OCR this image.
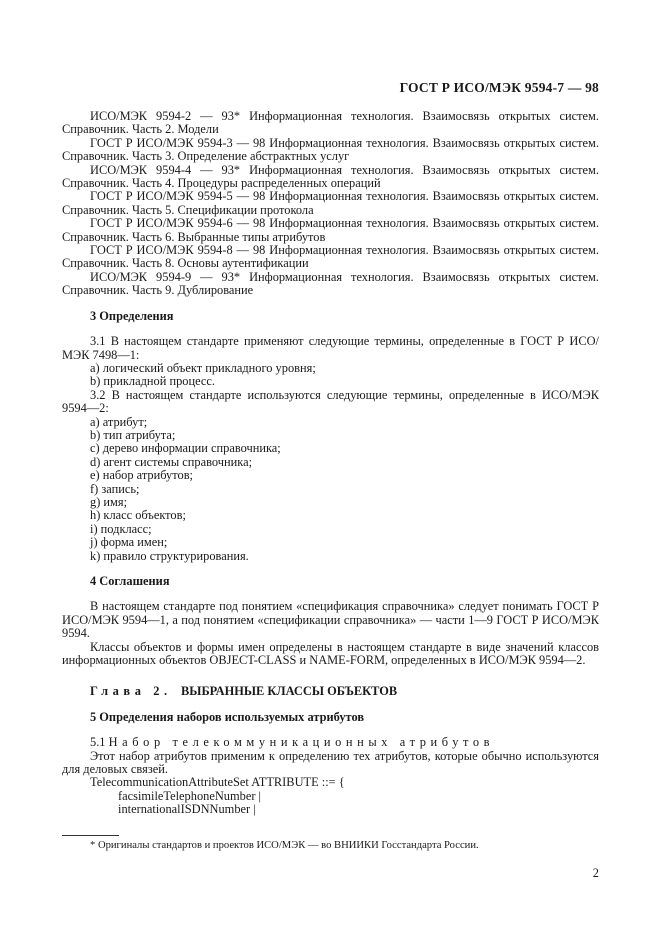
ГОСТ Р ИСО/МЭК 9594-7 — 98

ИСО/МЭК 9594-2 — 93* Информационная технология. Взаимосвязь открытых систем. Справочник. Часть 2. Модели

ГОСТ Р ИСО/МЭК 9594-3 — 98 Информационная технология. Взаимосвязь открытых систем. Справочник. Часть 3. Определение абстрактных услуг

ИСО/МЭК 9594-4 — 93* Информационная технология. Взаимосвязь открытых систем. Справочник. Часть 4. Процедуры распределенных операций

ГОСТ Р ИСО/МЭК 9594-5 — 98 Информационная технология. Взаимосвязь открытых систем. Справочник. Часть 5. Спецификации протокола

ГОСТ Р ИСО/МЭК 9594-6 — 98 Информационная технология. Взаимосвязь открытых систем. Справочник. Часть 6. Выбранные типы атрибутов

ГОСТ Р ИСО/МЭК 9594-8 — 98 Информационная технология. Взаимосвязь открытых систем. Справочник. Часть 8. Основы аутентификации

ИСО/МЭК 9594-9 — 93* Информационная технология. Взаимосвязь открытых систем. Справочник. Часть 9. Дублирование

3 Определения

3.1 В настоящем стандарте применяют следующие термины, определенные в ГОСТ Р ИСО/МЭК 7498—1:

a) логический объект прикладного уровня;

b) прикладной процесс.

3.2 В настоящем стандарте используются следующие термины, определенные в ИСО/МЭК 9594—2:

a) атрибут;

b) тип атрибута;

c) дерево информации справочника;

d) агент системы справочника;

e) набор атрибутов;

f) запись;

g) имя;

h) класс объектов;

i) подкласс;

j) форма имен;

k) правило структурирования.

4 Соглашения

В настоящем стандарте под понятием «спецификация справочника» следует понимать ГОСТ Р ИСО/МЭК 9594—1, а под понятием «спецификации справочника» — части 1—9 ГОСТ Р ИСО/МЭК 9594.

Классы объектов и формы имен определены в настоящем стандарте в виде значений классов информационных объектов OBJECT-CLASS и NAME-FORM, определенных в ИСО/МЭК 9594—2.

Глава 2. ВЫБРАННЫЕ КЛАССЫ ОБЪЕКТОВ

5 Определения наборов используемых атрибутов

5.1 Набор телекоммуникационных атрибутов

Этот набор атрибутов применим к определению тех атрибутов, которые обычно используются для деловых связей.

TelecommunicationAttributeSet ATTRIBUTE ::= {

facsimileTelephoneNumber |

internationalISDNNumber |

* Оригиналы стандартов и проектов ИСО/МЭК — во ВНИИКИ Госстандарта России.
2
